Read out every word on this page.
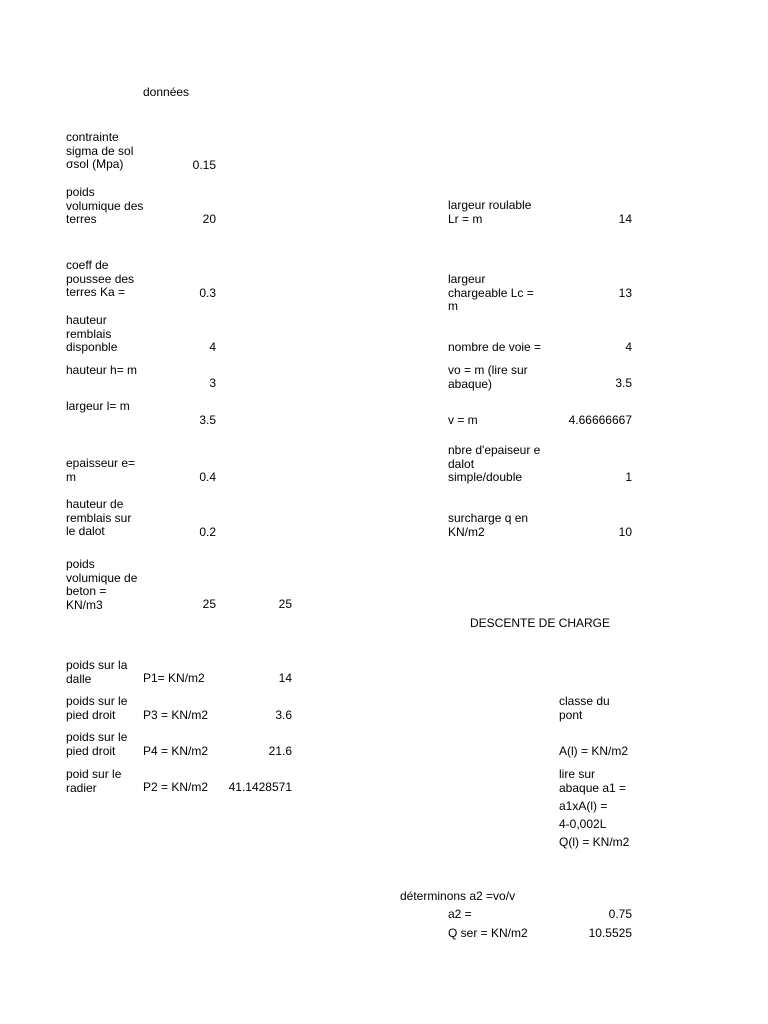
données
contrainte sigma de sol σsol (Mpa)	0.15
poids volumique des terres	20
coeff de poussee des terres Ka =	0.3
hauteur remblais disponble	4
hauteur h= m
3
largeur l= m
3.5
epaisseur e= m	0.4
hauteur de remblais sur le dalot	0.2
poids volumique de beton = KN/m3	25	25
largeur roulable Lr = m	14
largeur chargeable Lc = m
13
nombre de voie =	4
vo = m (lire sur abaque)	3.5
v = m	4.66666667
nbre d'epaiseur e dalot simple/double	1
surcharge q en KN/m2	10
DESCENTE DE CHARGE
poids sur la dalle	P1= KN/m2	14
poids sur le pied droit	P3 = KN/m2	3.6
poids sur le pied droit	P4 = KN/m2	21.6
poid sur le radier	P2 = KN/m2 41.1428571
classe du pont
A(l) = KN/m2
lire sur abaque a1 =
a1xA(l) =
4-0,002L
Q(l) = KN/m2
déterminons a2 =vo/v
a2 =	0.75
Q ser = KN/m2	10.5525
